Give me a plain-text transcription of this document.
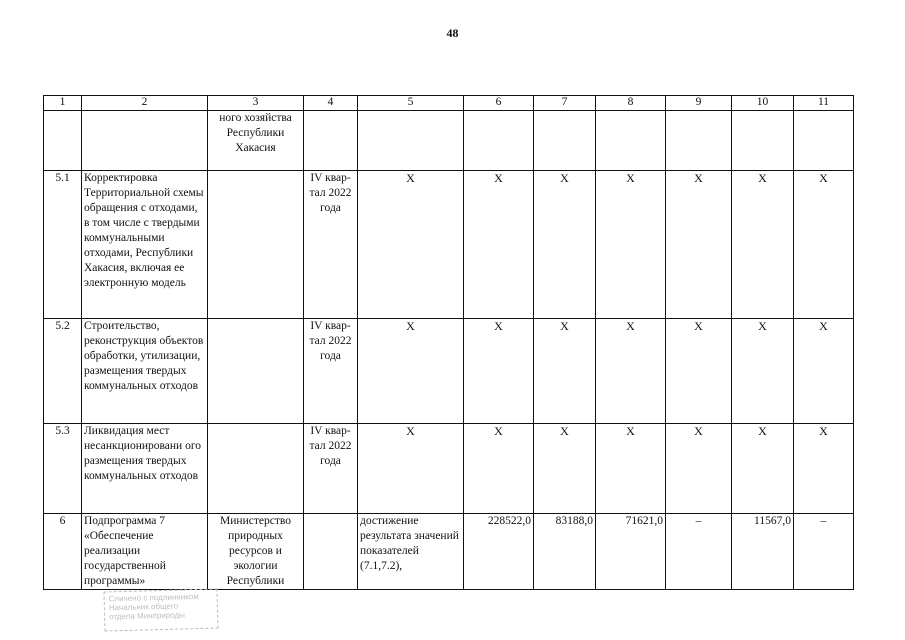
48
1	2	3	4	5	6	7	8	9	10	11
		ного хозяйства Республики Хакасия								
5.1	Корректировка Территориальной схемы обращения с отходами, в том числе с твердыми коммунальными отходами, Республики Хакасия, включая ее электронную модель		IV квар-тал 2022 года	Х	Х	Х	Х	Х	Х	Х
5.2	Строительство, реконструкция объектов обработки, утилизации, размещения твердых коммунальных отходов		IV квар-тал 2022 года	Х	Х	Х	Х	Х	Х	Х
5.3	Ликвидация мест несанкционировани ого размещения твердых коммунальных отходов		IV квар-тал 2022 года	Х	Х	Х	Х	Х	Х	Х
6	Подпрограмма 7 «Обеспечение реализации государственной программы»	Министерство природных ресурсов и экологии Республики		достижение результата значений показателей (7.1,7.2),	228522,0	83188,0	71621,0	–	11567,0	–
Сличено с подлинником
Начальник общего
отдела Минприроды
